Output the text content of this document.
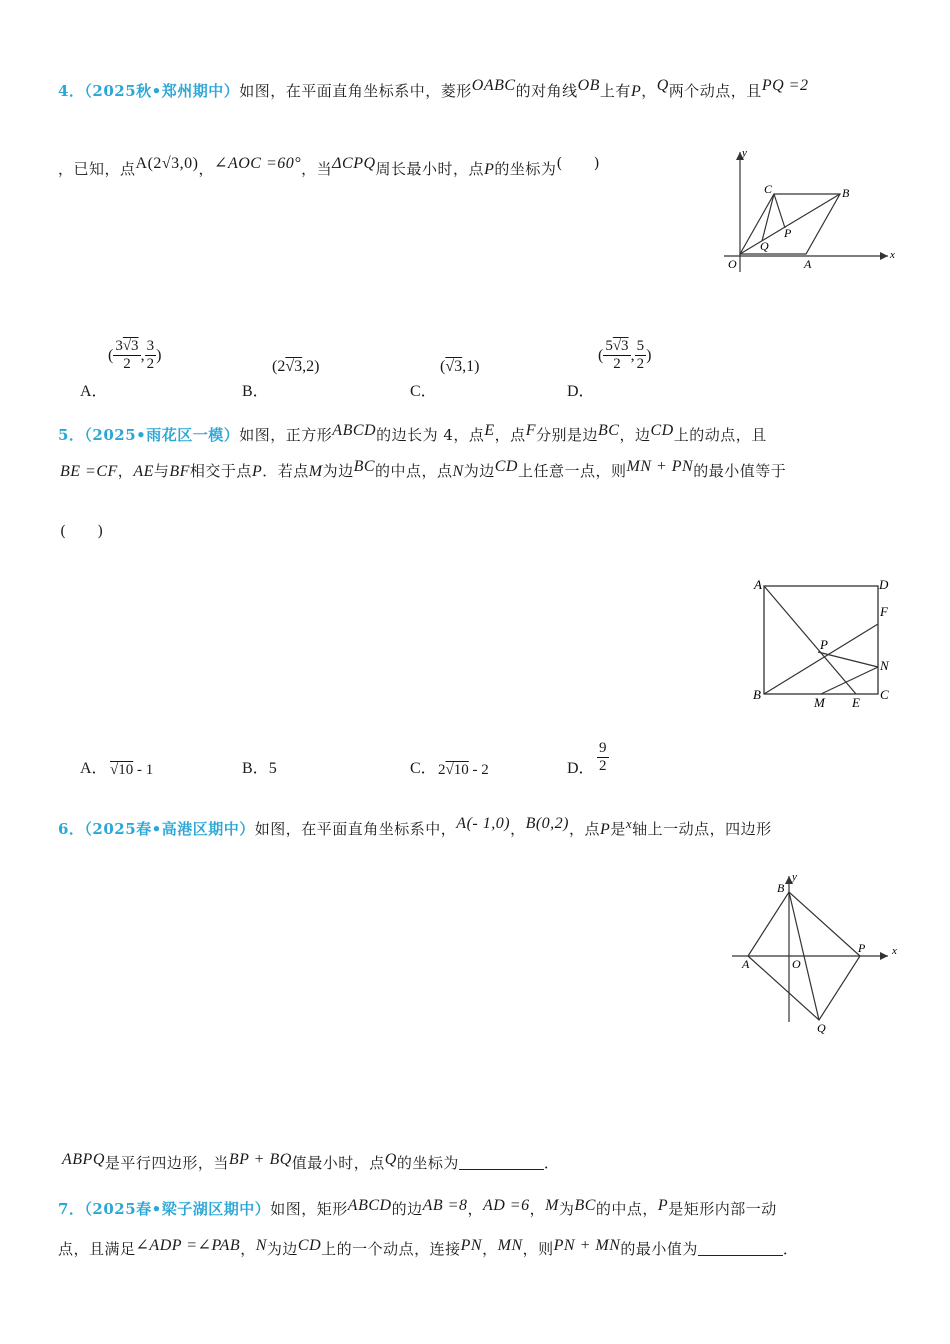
4．（2025秋•郑州期中）如图，在平面直角坐标系中，菱形OABC的对角线OB上有P，Q两个动点，且PQ =2
，已知，点A(2√3,0)，∠AOC =60°，当ΔCPQ周长最小时，点P的坐标为(　　)
x
y
O	A
B
C
P
Q
A．
( $\frac{3√3}{2}$ , $\frac{3}{2}$ )
B．
(2√3,2)
C．
(√3,1)
D．
( $\frac{5√3}{2}$ , $\frac{5}{2}$ )
5．（2025•雨花区一模）如图，正方形ABCD的边长为 4，点E，点F分别是边BC，边CD上的动点，且
BE =CF，AE与BF相交于点P．若点M为边BC的中点，点N为边CD上任意一点，则MN + PN的最小值等于
(　　)
A	D
B	C
F
N
P
M E
A． √10 - 1	B．5	C． 2√10 - 2	D． $\frac{9}{2}$
6．（2025春•高港区期中）如图，在平面直角坐标系中，A(- 1,0)，B(0,2)，点P是x轴上一动点，四边形
x
y
O
A
B
P
Q
ABPQ是平行四边形，当BP + BQ值最小时，点Q的坐标为	．
7．（2025春•梁子湖区期中）如图，矩形ABCD的边AB =8，AD =6，M为BC的中点，P是矩形内部一动
点，且满足∠ADP =∠PAB，N为边CD上的一个动点，连接PN，MN，则PN + MN的最小值为	．
